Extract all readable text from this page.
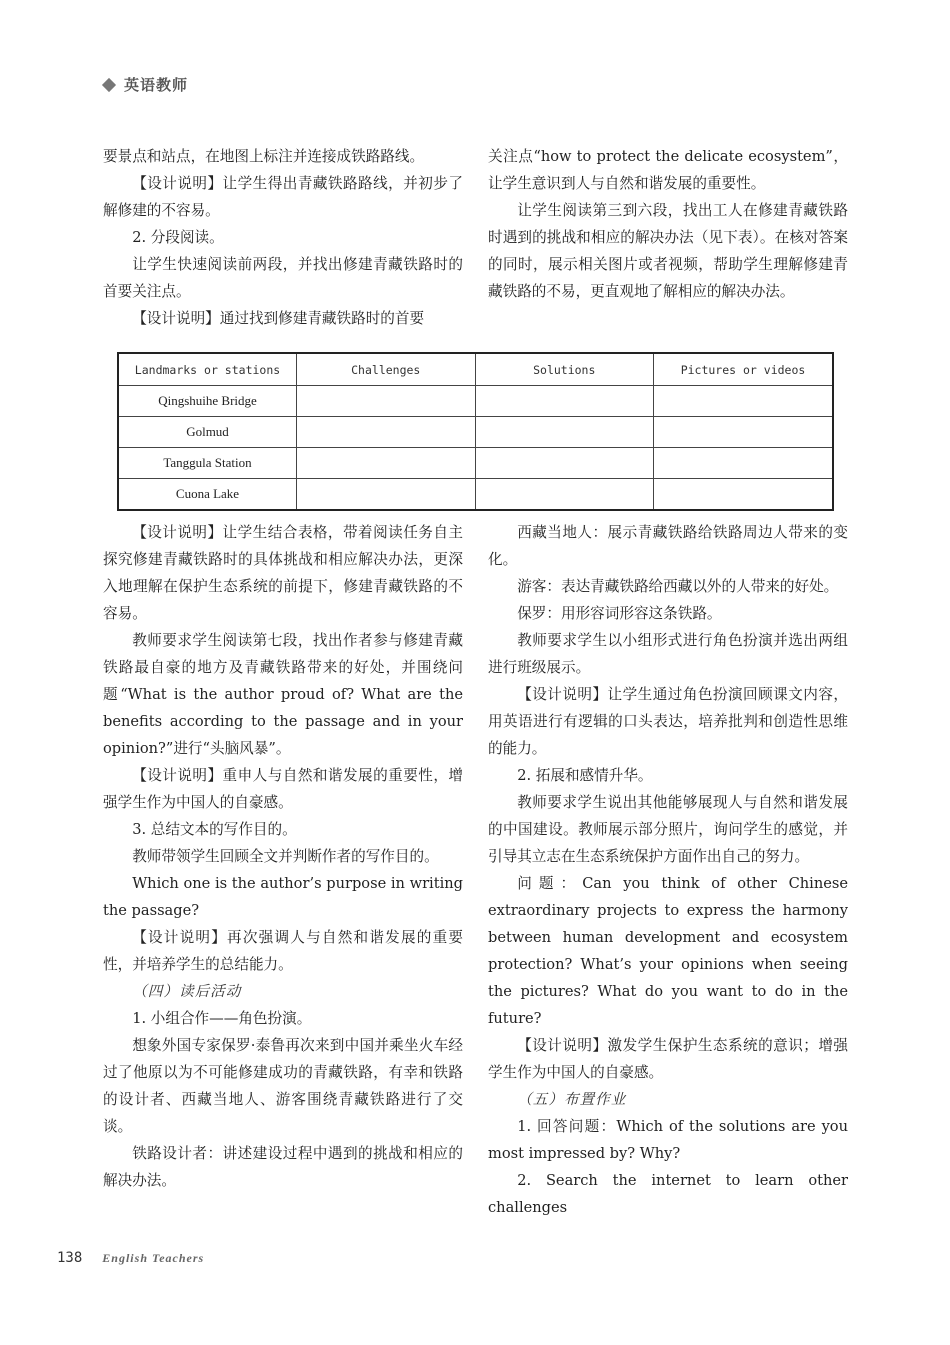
英语教师

要景点和站点，在地图上标注并连接成铁路路线。

【设计说明】让学生得出青藏铁路路线，并初步了解修建的不容易。

2. 分段阅读。

让学生快速阅读前两段，并找出修建青藏铁路时的首要关注点。

【设计说明】通过找到修建青藏铁路时的首要

关注点“how to protect the delicate ecosystem”，让学生意识到人与自然和谐发展的重要性。

让学生阅读第三到六段，找出工人在修建青藏铁路时遇到的挑战和相应的解决办法（见下表）。在核对答案的同时，展示相关图片或者视频，帮助学生理解修建青藏铁路的不易，更直观地了解相应的解决办法。

Landmarks or stations	Challenges	Solutions	Pictures or videos
Qingshuihe Bridge			
Golmud			
Tanggula Station			
Cuona Lake			

【设计说明】让学生结合表格，带着阅读任务自主探究修建青藏铁路时的具体挑战和相应解决办法，更深入地理解在保护生态系统的前提下，修建青藏铁路的不容易。

教师要求学生阅读第七段，找出作者参与修建青藏铁路最自豪的地方及青藏铁路带来的好处，并围绕问题“What is the author proud of? What are the benefits according to the passage and in your opinion?”进行“头脑风暴”。

【设计说明】重申人与自然和谐发展的重要性，增强学生作为中国人的自豪感。

3. 总结文本的写作目的。

教师带领学生回顾全文并判断作者的写作目的。

Which one is the author’s purpose in writing the passage?

【设计说明】再次强调人与自然和谐发展的重要性，并培养学生的总结能力。

（四）读后活动

1. 小组合作——角色扮演。

想象外国专家保罗·泰鲁再次来到中国并乘坐火车经过了他原以为不可能修建成功的青藏铁路，有幸和铁路的设计者、西藏当地人、游客围绕青藏铁路进行了交谈。

铁路设计者：讲述建设过程中遇到的挑战和相应的解决办法。

西藏当地人：展示青藏铁路给铁路周边人带来的变化。

游客：表达青藏铁路给西藏以外的人带来的好处。

保罗：用形容词形容这条铁路。

教师要求学生以小组形式进行角色扮演并选出两组进行班级展示。

【设计说明】让学生通过角色扮演回顾课文内容，用英语进行有逻辑的口头表达，培养批判和创造性思维的能力。

2. 拓展和感情升华。

教师要求学生说出其他能够展现人与自然和谐发展的中国建设。教师展示部分照片，询问学生的感觉，并引导其立志在生态系统保护方面作出自己的努力。

问题：Can you think of other Chinese extraordinary projects to express the harmony between human development and ecosystem protection? What’s your opinions when seeing the pictures? What do you want to do in the future?

【设计说明】激发学生保护生态系统的意识；增强学生作为中国人的自豪感。

（五）布置作业

1. 回答问题：Which of the solutions are you most impressed by? Why?

2. Search the internet to learn other challenges

138 English Teachers
